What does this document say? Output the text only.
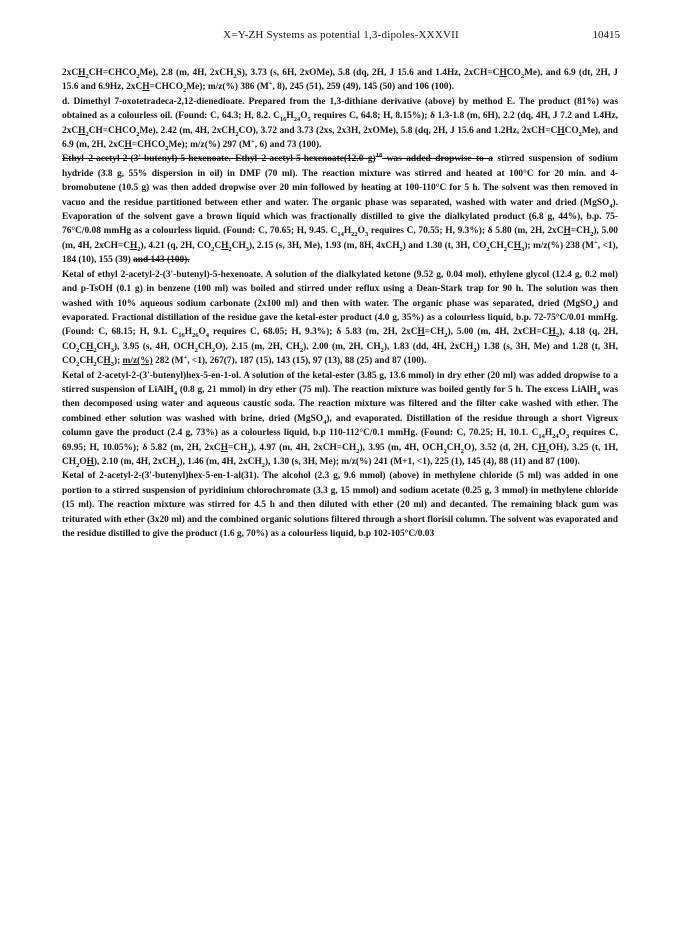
X=Y-ZH Systems as potential 1,3-dipoles-XXXVII	10415

$2xCH_2CH=CHCO_2Me$), 2.8 (m, 4H, 2xCH$_2$S), 3.73 (s, 6H, 2xOMe), 5.8 (dq, 2H, J 15.6 and 1.4Hz, $2xCH=CHCO_2Me$), and 6.9 (dt, 2H, J 15.6 and 6.9Hz, $2xCH=CHCO_2Me$); m/z(%) 386 (M+, 8), 245 (51), 259 (49), 145 (50) and 106 (100).

d. Dimethyl 7-oxotetradeca-2,12-dienedioate. Prepared from the 1,3-dithiane derivative (above) by method E. The product (81%) was obtained as a colourless oil. (Found: C, 64.3; H, 8.2. $C_{16}H_{24}O_5$ requires C, 64.8; H, 8.15%); δ 1.3-1.8 (m, 6H), 2.2 (dq, 4H, J 7.2 and 1.4Hz, $2xCH_2CH=CHCO_2Me$), 2.42 (m, 4H, 2xCH$_2$CO), 3.72 and 3.73 (2xs, 2x3H, 2xOMe), 5.8 (dq, 2H, J 15.6 and 1.2Hz, $2xCH=CHCO_2Me$), and 6.9 (m, 2H, $2xCH=CHCO_2Me$); m/z(%) 297 (M+, 6) and 73 (100).

Ethyl 2-acetyl-2-(3'-butenyl)-5-hexenoate. Ethyl 2-acetyl-5-hexenoate(12.0 g)$^{18}$ was added dropwise to a stirred suspension of sodium hydride (3.8 g, 55% dispersion in oil) in DMF (70 ml). The reaction mixture was stirred and heated at 100°C for 20 min. and 4-bromobutene (10.5 g) was then added dropwise over 20 min followed by heating at 100-110°C for 5 h. The solvent was then removed in vacuo and the residue partitioned between ether and water. The organic phase was separated, washed with water and dried (MgSO$_4$). Evaporation of the solvent gave a brown liquid which was fractionally distilled to give the dialkylated product (6.8 g, 44%), b.p. 75-76°C/0.08 mmHg as a colourless liquid. (Found: C, 70.65; H, 9.45. $C_{14}H_{22}O_3$ requires C, 70.55; H, 9.3%); δ 5.80 (m, 2H, $2xCH=CH_2$), 5.00 (m, 4H, $2xCH=CH_2$), 4.21 (q, 2H, $CO_2CH_2CH_3$), 2.15 (s, 3H, Me), 1.93 (m, 8H, 4xCH$_2$) and 1.30 (t, 3H, $CO_2CH_2CH_3$); m/z(%) 238 (M+, <1), 184 (10), 155 (39) and 143 (100).

Ketal of ethyl 2-acetyl-2-(3'-butenyl)-5-hexenoate. A solution of the dialkylated ketone (9.52 g, 0.04 mol), ethylene glycol (12.4 g, 0.2 mol) and p-TsOH (0.1 g) in benzene (100 ml) was boiled and stirred under reflux using a Dean-Stark trap for 90 h. The solution was then washed with 10% aqueous sodium carbonate (2x100 ml) and then with water. The organic phase was separated, dried (MgSO$_4$) and evaporated. Fractional distillation of the residue gave the ketal-ester product (4.0 g, 35%) as a colourless liquid, b.p. 72-75°C/0.01 mmHg. (Found: C, 68.15; H, 9.1. $C_{16}H_{26}O_4$ requires C, 68.05; H, 9.3%); δ 5.83 (m, 2H, $2xCH=CH_2$), 5.00 (m, 4H, $2xCH=CH_2$), 4.18 (q, 2H, $CO_2CH_2CH_3$), 3.95 (s, 4H, $OCH_2CH_2O$), 2.15 (m, 2H, $CH_2$), 2.00 (m, 2H, $CH_2$), 1.83 (dd, 4H, 2xCH$_2$) 1.38 (s, 3H, Me) and 1.28 (t, 3H, $CO_2CH_2CH_3$); m/z(%) 282 (M+, <1), 267(7), 187 (15), 143 (15), 97 (13), 88 (25) and 87 (100).

Ketal of 2-acetyl-2-(3'-butenyl)hex-5-en-1-ol. A solution of the ketal-ester (3.85 g, 13.6 mmol) in dry ether (20 ml) was added dropwise to a stirred suspension of LiAlH$_4$ (0.8 g, 21 mmol) in dry ether (75 ml). The reaction mixture was boiled gently for 5 h. The excess LiAlH$_4$ was then decomposed using water and aqueous caustic soda. The reaction mixture was filtered and the filter cake washed with ether. The combined ether solution was washed with brine, dried (MgSO$_4$), and evaporated. Distillation of the residue through a short Vigreux column gave the product (2.4 g, 73%) as a colourless liquid, b.p 110-112°C/0.1 mmHg. (Found: C, 70.25; H, 10.1. $C_{14}H_{24}O_3$ requires C, 69.95; H, 10.05%); δ 5.82 (m, 2H, $2xCH=CH_2$), 4.97 (m, 4H, $2xCH=CH_2$), 3.95 (m, 4H, $OCH_2CH_2O$), 3.52 (d, 2H, $CH_2OH$), 3.25 (t, 1H, $CH_2OH$), 2.10 (m, 4H, 2xCH$_2$), 1.46 (m, 4H, 2xCH$_2$), 1.30 (s, 3H, Me); m/z(%) 241 (M+1, <1), 225 (1), 145 (4), 88 (11) and 87 (100).

Ketal of 2-acetyl-2-(3'-butenyl)hex-5-en-1-al(31). The alcohol (2.3 g, 9.6 mmol) (above) in methylene chloride (5 ml) was added in one portion to a stirred suspension of pyridinium chlorochromate (3.3 g, 15 mmol) and sodium acetate (0.25 g, 3 mmol) in methylene chloride (15 ml). The reaction mixture was stirred for 4.5 h and then diluted with ether (20 ml) and decanted. The remaining black gum was triturated with ether (3x20 ml) and the combined organic solutions filtered through a short florisil column. The solvent was evaporated and the residue distilled to give the product (1.6 g, 70%) as a colourless liquid, b.p 102-105°C/0.03
